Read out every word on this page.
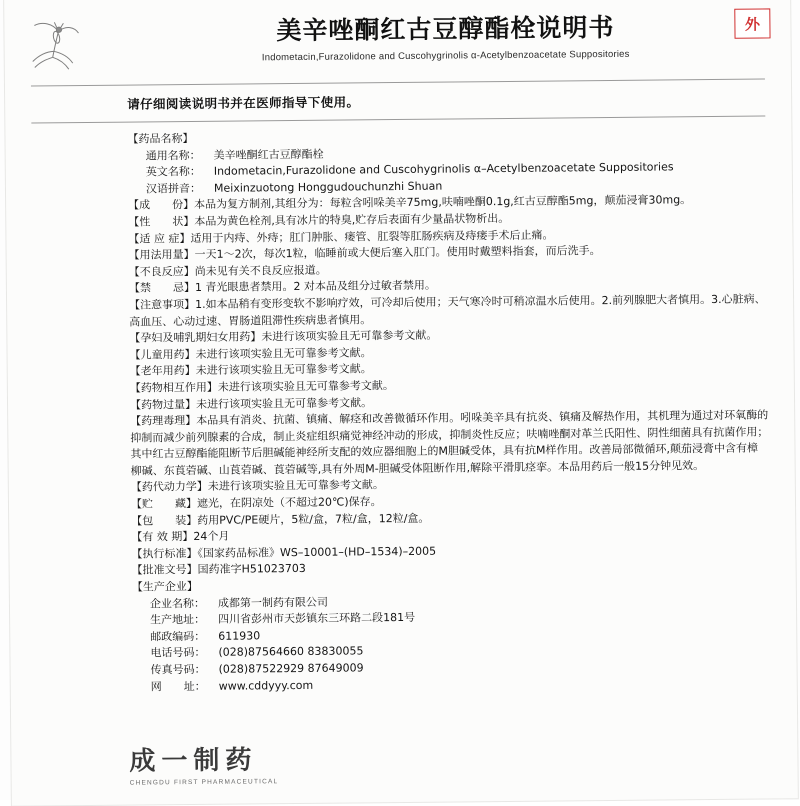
美辛唑酮红古豆醇酯栓说明书
Indometacin,Furazolidone and Cuscohygrinolis α-Acetylbenzoacetate Suppositories
外
请仔细阅读说明书并在医师指导下使用。
【药品名称】
通用名称： 美辛唑酮红古豆醇酯栓
英文名称： Indometacin,Furazolidone and Cuscohygrinolis α–Acetylbenzoacetate Suppositories
汉语拼音： Meixinzuotong Honggudouchunzhi Shuan
【成　　份】本品为复方制剂,其组分为：每粒含吲哚美辛75mg,呋喃唑酮0.1g,红古豆醇酯5mg，颠茄浸膏30mg。
【性　　状】本品为黄色栓剂,具有冰片的特臭,贮存后表面有少量晶状物析出。
【适 应 症】适用于内痔、外痔；肛门肿胀、瘘管、肛裂等肛肠疾病及痔瘘手术后止痛。
【用法用量】一天1～2次，每次1粒，临睡前或大便后塞入肛门。使用时戴塑料指套，而后洗手。
【不良反应】尚未见有关不良反应报道。
【禁　　忌】1 青光眼患者禁用。2 对本品及组分过敏者禁用。
【注意事项】1.如本品稍有变形变软不影响疗效，可冷却后使用；天气寒冷时可稍凉温水后使用。2.前列腺肥大者慎用。3.心脏病、高血压、心动过速、胃肠道阻滞性疾病患者慎用。
【孕妇及哺乳期妇女用药】未进行该项实验且无可靠参考文献。
【儿童用药】未进行该项实验且无可靠参考文献。
【老年用药】未进行该项实验且无可靠参考文献。
【药物相互作用】未进行该项实验且无可靠参考文献。
【药物过量】未进行该项实验且无可靠参考文献。
【药理毒理】本品具有消炎、抗菌、镇痛、解痉和改善微循环作用。吲哚美辛具有抗炎、镇痛及解热作用，其机理为通过对环氧酶的抑制而减少前列腺素的合成，制止炎症组织痛觉神经冲动的形成，抑制炎性反应；呋喃唑酮对革兰氏阳性、阴性细菌具有抗菌作用；其中红古豆醇酯能阻断节后胆碱能神经所支配的效应器细胞上的M胆碱受体，具有抗M样作用。改善局部微循环,颠茄浸膏中含有樟柳碱、东莨菪碱、山莨菪碱、莨菪碱等,具有外周M-胆碱受体阻断作用,解除平滑肌痉挛。本品用药后一般15分钟见效。
【药代动力学】未进行该项实验且无可靠参考文献。
【贮　　藏】遮光，在阴凉处（不超过20℃)保存。
【包　　装】药用PVC/PE硬片，5粒/盒，7粒/盒，12粒/盒。
【有 效 期】24个月
【执行标准】《国家药品标准》WS–10001–(HD–1534)–2005
【批准文号】国药准字H51023703
【生产企业】
企业名称： 成都第一制药有限公司
生产地址： 四川省彭州市天彭镇东三环路二段181号
邮政编码： 611930
电话号码： (028)87564660 83830055
传真号码： (028)87522929 87649009
网　　址： www.cddyyy.com
成一制药
CHENGDU FIRST PHARMACEUTICAL
